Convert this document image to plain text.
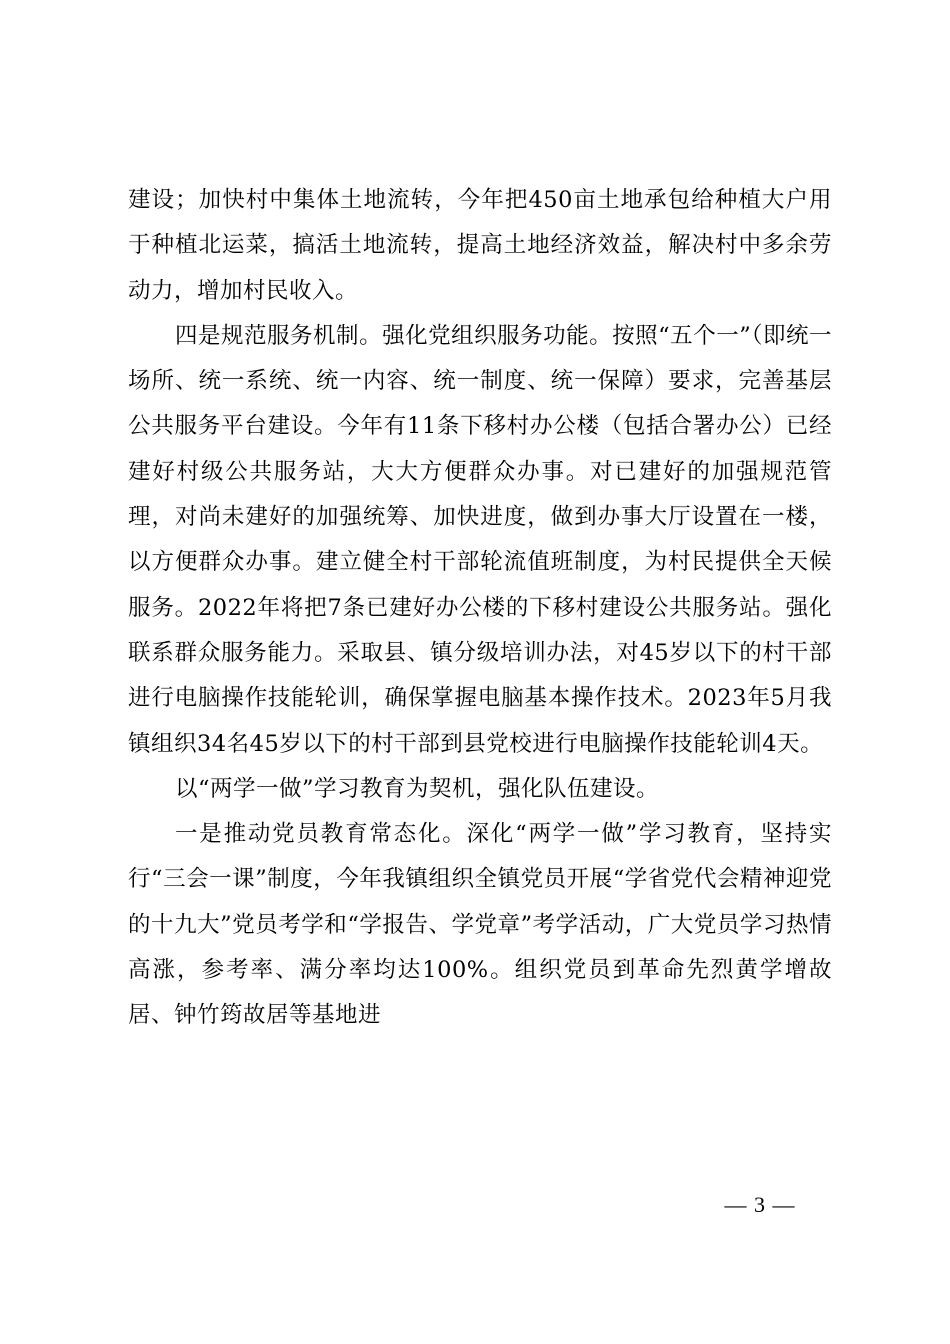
建设；加快村中集体土地流转，今年把450亩土地承包给种植大户用于种植北运菜，搞活土地流转，提高土地经济效益，解决村中多余劳动力，增加村民收入。

四是规范服务机制。强化党组织服务功能。按照“五个一”（即统一场所、统一系统、统一内容、统一制度、统一保障）要求，完善基层公共服务平台建设。今年有11条下移村办公楼（包括合署办公）已经建好村级公共服务站，大大方便群众办事。对已建好的加强规范管理，对尚未建好的加强统筹、加快进度，做到办事大厅设置在一楼，以方便群众办事。建立健全村干部轮流值班制度，为村民提供全天候服务。2022年将把7条已建好办公楼的下移村建设公共服务站。强化联系群众服务能力。采取县、镇分级培训办法，对45岁以下的村干部进行电脑操作技能轮训，确保掌握电脑基本操作技术。2023年5月我镇组织34名45岁以下的村干部到县党校进行电脑操作技能轮训4天。

以“两学一做”学习教育为契机，强化队伍建设。

一是推动党员教育常态化。深化“两学一做”学习教育，坚持实行“三会一课”制度，今年我镇组织全镇党员开展“学省党代会精神迎党的十九大”党员考学和“学报告、学党章”考学活动，广大党员学习热情高涨，参考率、满分率均达100%。组织党员到革命先烈黄学增故居、钟竹筠故居等基地进

— 3 —
